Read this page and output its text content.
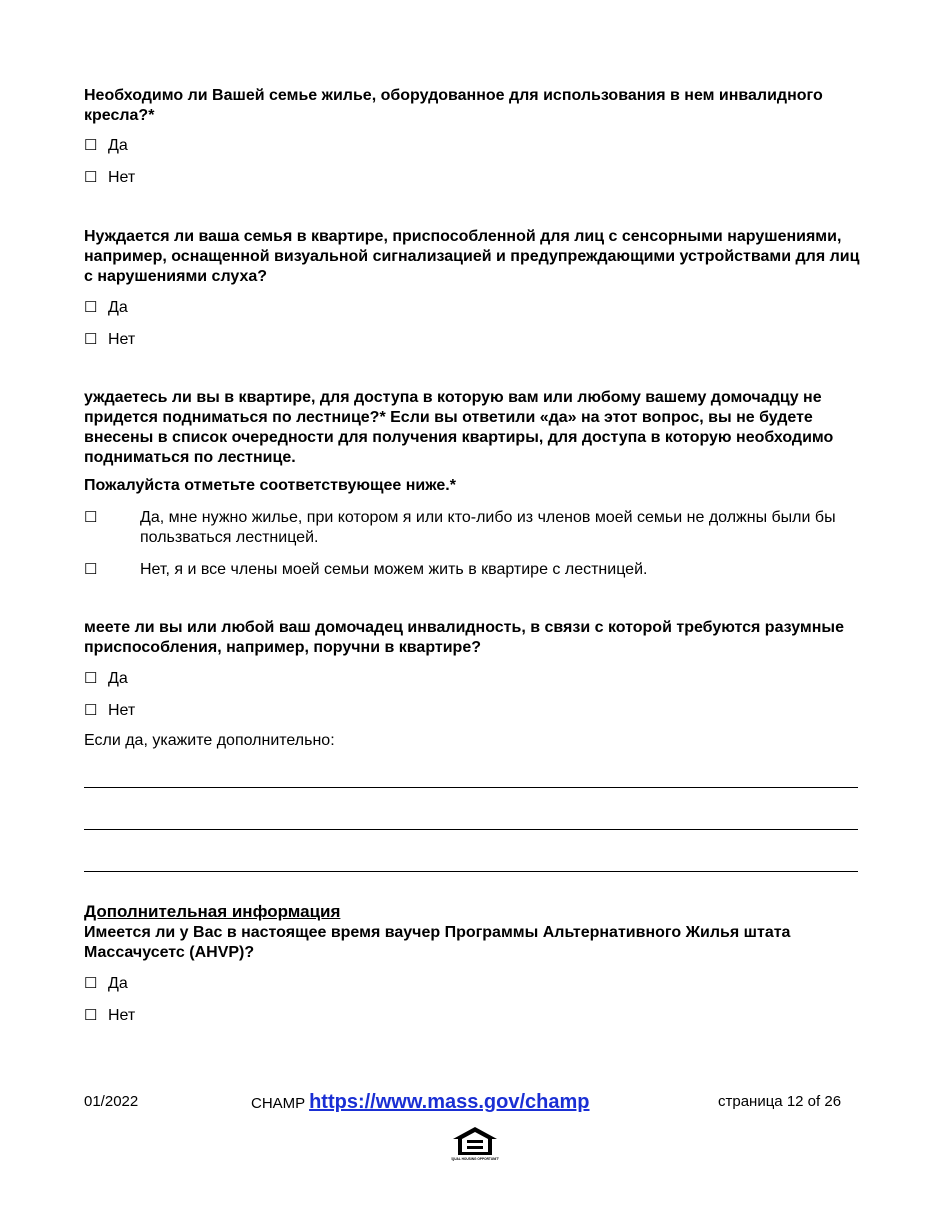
Необходимо ли Вашей семье жилье, оборудованное для использования в нем инвалидного кресла?*
☐ Да
☐ Нет
Нуждается ли ваша семья в квартире, приспособленной для лиц с сенсорными нарушениями, например, оснащенной визуальной сигнализацией и предупреждающими устройствами для лиц с нарушениями слуха?
☐ Да
☐ Нет
уждаетесь ли вы в квартире, для доступа в которую вам или любому вашему домочадцу не придется подниматься по лестнице?* Если вы ответили «да» на этот вопрос, вы не будете внесены в список очередности для получения квартиры, для доступа в которую необходимо подниматься по лестнице.
Пожалуйста отметьте соответствующее ниже.*
☐	Да, мне нужно жилье, при котором я или кто-либо из членов моей семьи не должны были бы пользваться лестницей.
☐	Нет, я и все члены моей семьи можем жить в квартире с лестницей.
меете ли вы или любой ваш домочадец инвалидность, в связи с которой требуются разумные приспособления, например, поручни в квартире?
☐ Да
☐ Нет
Если да, укажите дополнительно:
Дополнительная информация
Имеется ли у Вас в настоящее время ваучер Программы Альтернативного Жилья штата Массачусетс (AHVP)?
☐ Да
☐ Нет
01/2022	CHAMP https://www.mass.gov/champ	страница 12 of 26
EQUAL HOUSING OPPORTUNITY
